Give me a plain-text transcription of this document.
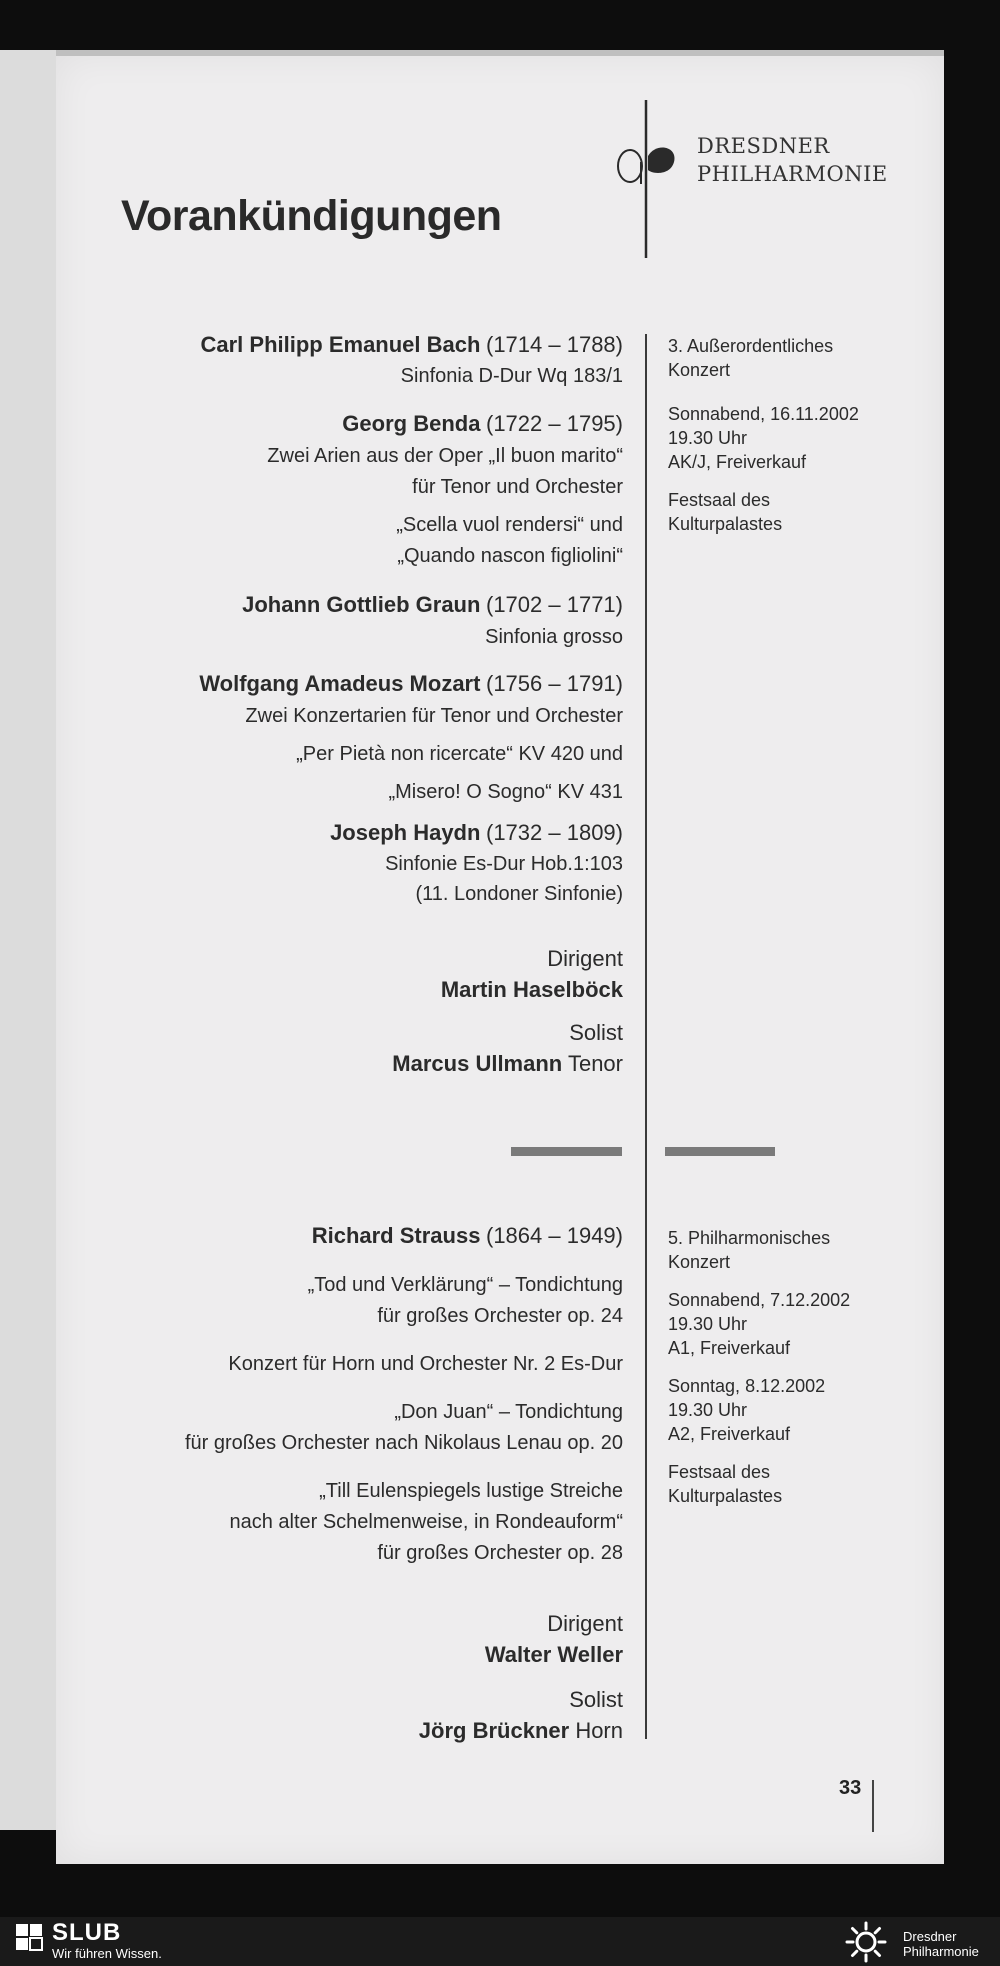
Vorankündigungen
DRESDNER
PHILHARMONIE
Carl Philipp Emanuel Bach (1714 – 1788)
Sinfonia D-Dur Wq 183/1
Georg Benda (1722 – 1795)
Zwei Arien aus der Oper „Il buon marito“
für Tenor und Orchester
„Scella vuol rendersi“ und
„Quando nascon figliolini“
Johann Gottlieb Graun (1702 – 1771)
Sinfonia grosso
Wolfgang Amadeus Mozart (1756 – 1791)
Zwei Konzertarien für Tenor und Orchester
„Per Pietà non ricercate“ KV 420 und
„Misero! O Sogno“ KV 431
Joseph Haydn (1732 – 1809)
Sinfonie Es-Dur Hob.1:103
(11. Londoner Sinfonie)
Dirigent
Martin Haselböck
Solist
Marcus Ullmann Tenor
3. Außerordentliches
Konzert
Sonnabend, 16.11.2002
19.30 Uhr
AK/J, Freiverkauf
Festsaal des
Kulturpalastes
Richard Strauss (1864 – 1949)
„Tod und Verklärung“ – Tondichtung
für großes Orchester op. 24
Konzert für Horn und Orchester Nr. 2 Es-Dur
„Don Juan“ – Tondichtung
für großes Orchester nach Nikolaus Lenau op. 20
„Till Eulenspiegels lustige Streiche
nach alter Schelmenweise, in Rondeauform“
für großes Orchester op. 28
Dirigent
Walter Weller
Solist
Jörg Brückner Horn
5. Philharmonisches
Konzert
Sonnabend, 7.12.2002
19.30 Uhr
A1, Freiverkauf
Sonntag, 8.12.2002
19.30 Uhr
A2, Freiverkauf
Festsaal des
Kulturpalastes
33
SLUB
Wir führen Wissen.
Dresdner
Philharmonie
